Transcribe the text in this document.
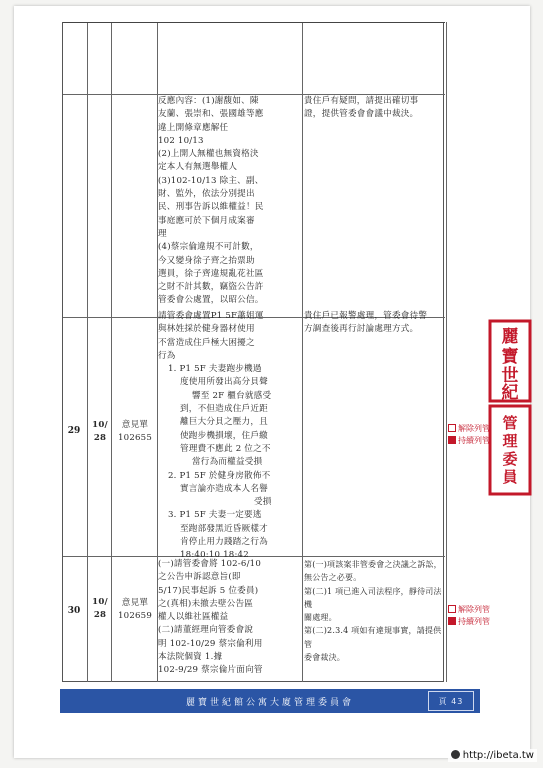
反應內容：(1)謝馥如、陳
友蘭、張崇和、張國雄等應
違上開條章應解任
102 10/13
(2)上開人無權也無資格決
定本人有無選舉權人
(3)102-10/13 除主、副、
財、監外，依法分別提出
民、刑事告訴以維權益！民
事庭應可於下個月成案審
理
(4)蔡宗倫違規不可計數，
今又變身徐子齊之抬票助
選員，徐子齊違規亂花社區
之財不計其數，竊盜公告許
管委會公處置，以昭公信。
貴住戶有疑問，請提出確切事
證，提供管委會會議中裁決。
29
10/
28
意見單
102655
請管委會處置P1 5F蕭姐運
與林姓採於健身器材使用
不當造成住戶極大困擾之
行為
1. P1 5F 夫妻跑步機過
度使用所發出高分貝聲
響至 2F 櫃台就感受
到，不但造成住戶近距
離巨大分貝之壓力，且
使跑步機損壞，住戶繳
管理費不應此 2 位之不
當行為而權益受損
2. P1 5F 於健身房散佈不
實言論亦造成本人名譽
受損
3. P1 5F 夫妻一定要逃
至跑部發黑近昏厥樣才
肯停止用力踐踏之行為
18:40:10 18:42
貴住戶已報警處理，管委會待警
方調查後再行討論處理方式。
解除列管
持續列管
30
10/
28
意見單
102659
(一)請管委會將 102-6/10
之公告申訴認意旨(即
5/17)民事起訴 5 位委員)
之(真相)未撤去壁公告區
權人以維社區權益
(二)請董經理向管委會說
明 102-10/29 蔡宗倫利用
本法院個資 1.據
102-9/29 蔡宗倫片面向管
第(一)項該案非管委會之決議之訴訟，
無公告之必要。
第(二)1 項已進入司法程序，靜待司法機
關處理。
第(二)2.3.4 項如有違規事實，請提供管
委會裁決。
解除列管
持續列管
麗
寶
世
紀
管
理
委
員
麗寶世紀館公寓大廈管理委員會	頁 43
http://ibeta.tw
